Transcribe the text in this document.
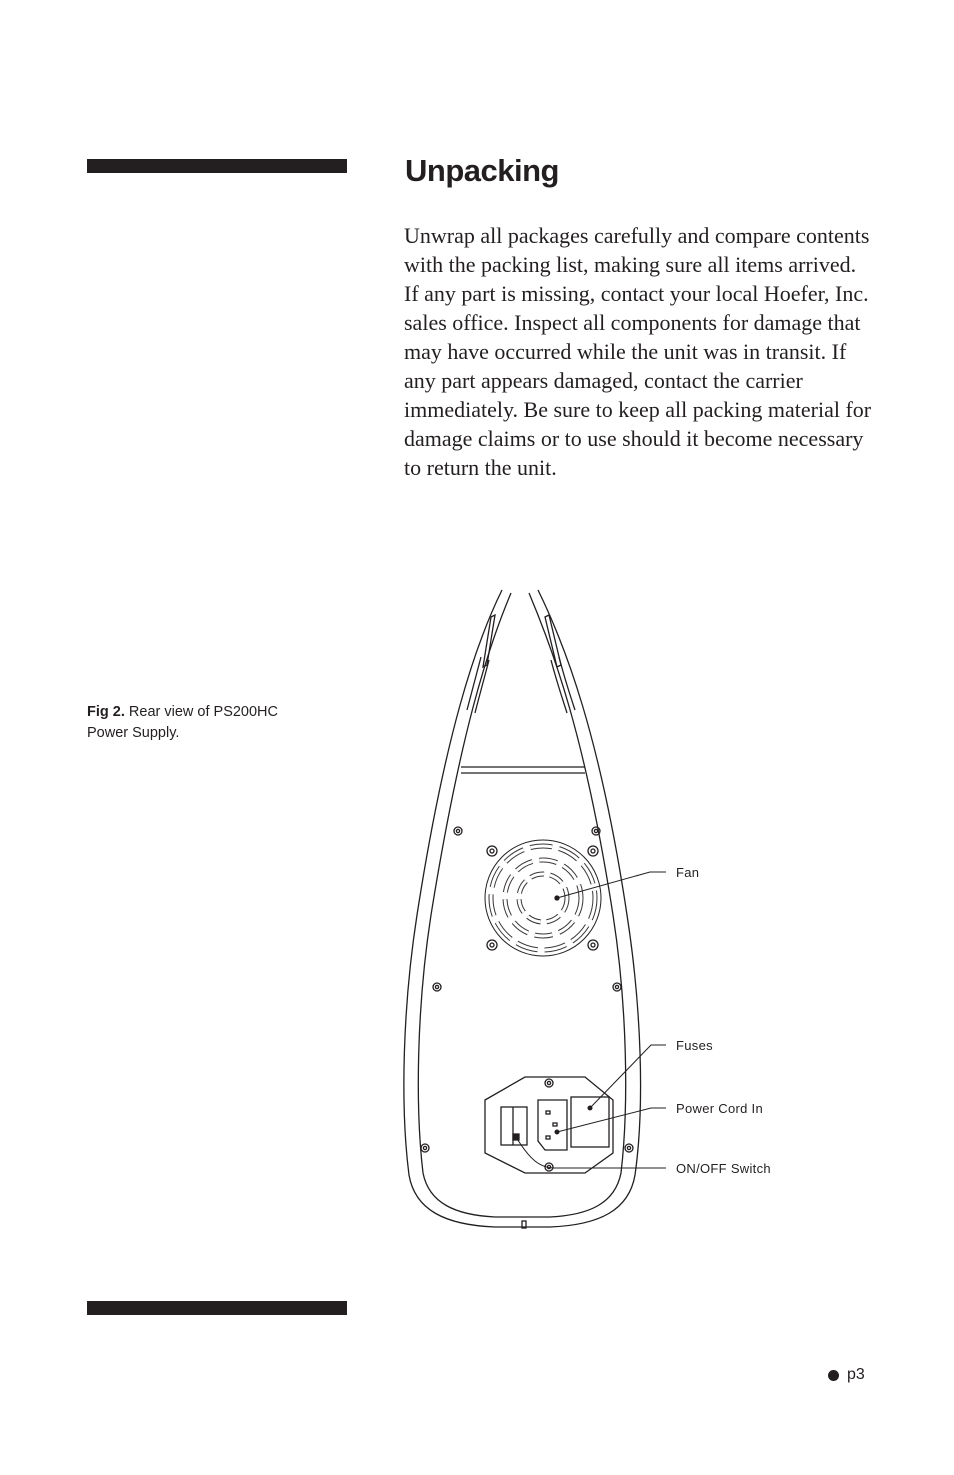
Unpacking

Unwrap all packages carefully and compare contents with the packing list, making sure all items arrived. If any part is missing, contact your local Hoefer, Inc. sales office. Inspect all components for damage that may have occurred while the unit was in transit. If any part appears damaged, contact the carrier immediately. Be sure to keep all packing material for damage claims or to use should it become necessary to return the unit.

Fig 2. Rear view of PS200HC Power Supply.
Fan
Fuses
Power Cord In
ON/OFF Switch
p3
